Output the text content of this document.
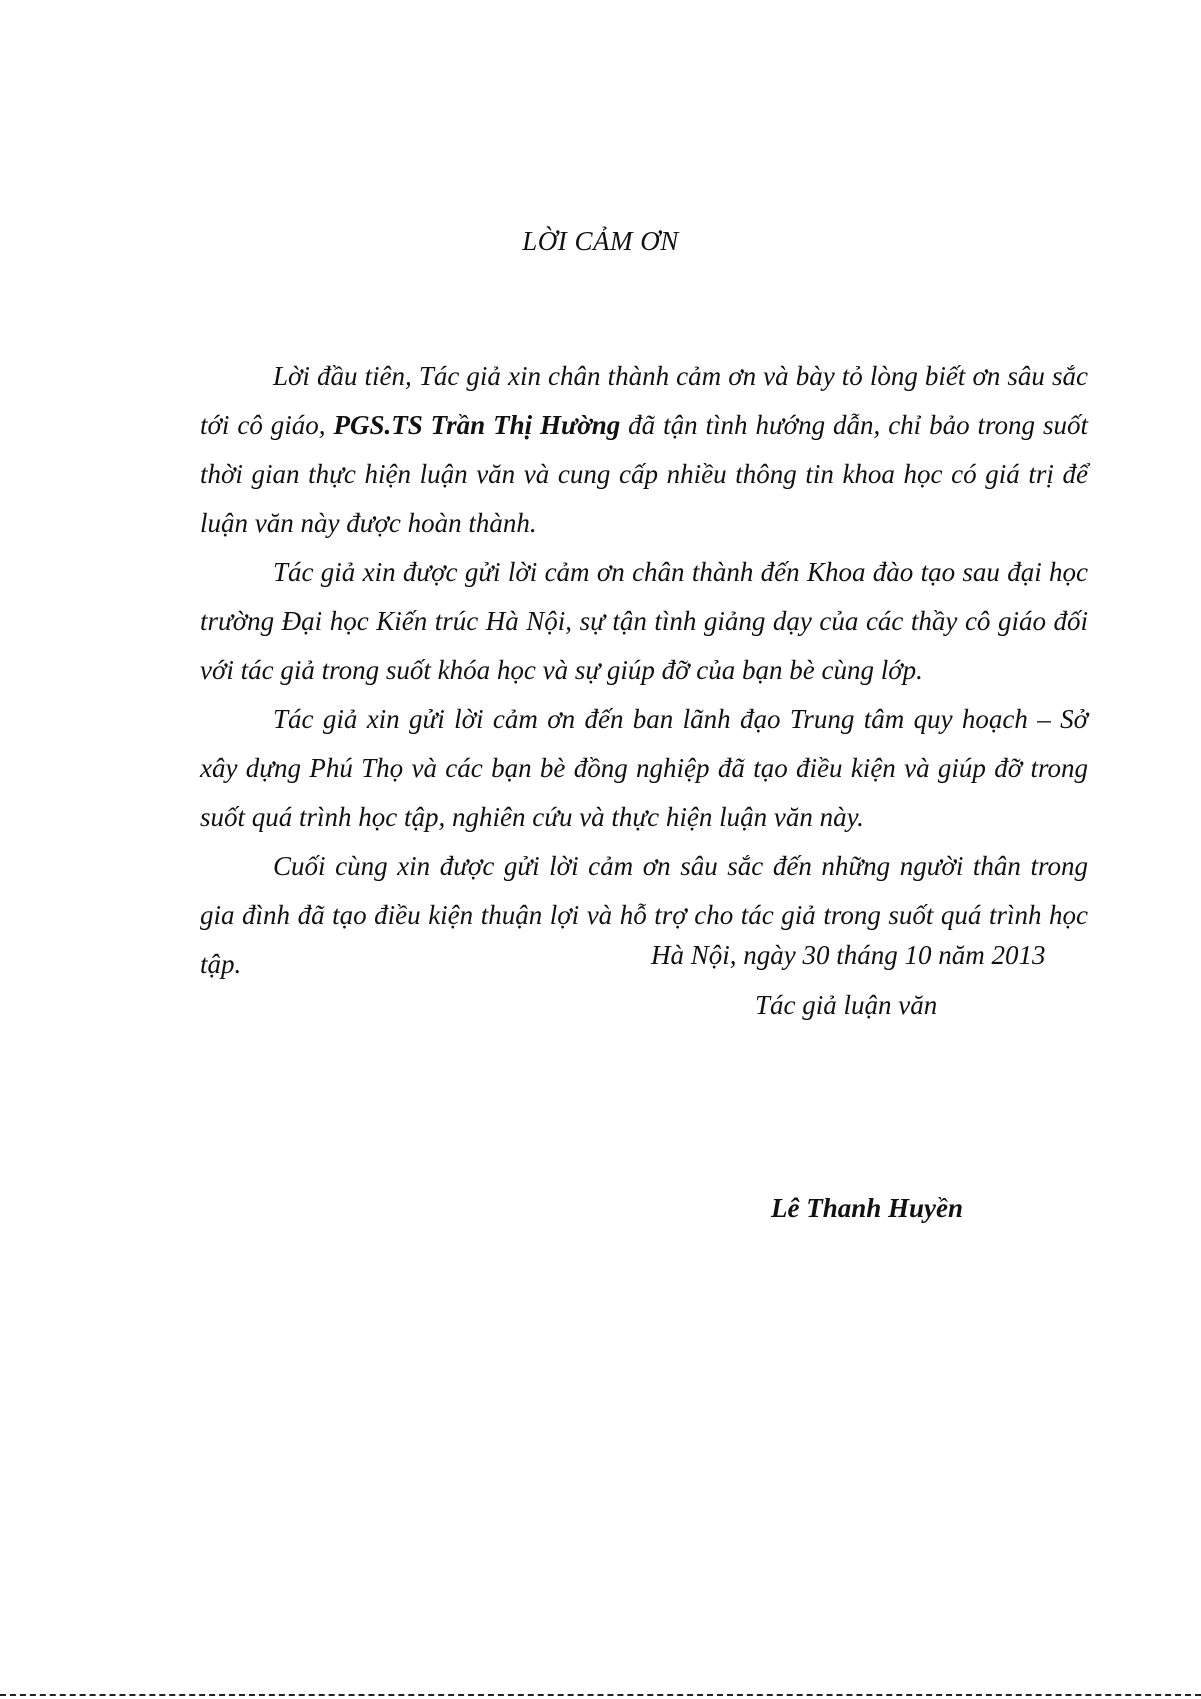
LỜI CẢM ƠN

Lời đầu tiên, Tác giả xin chân thành cảm ơn và bày tỏ lòng biết ơn sâu sắc tới cô giáo, PGS.TS Trần Thị Hường đã tận tình hướng dẫn, chỉ bảo trong suốt thời gian thực hiện luận văn và cung cấp nhiều thông tin khoa học có giá trị để luận văn này được hoàn thành.

Tác giả xin được gửi lời cảm ơn chân thành đến Khoa đào tạo sau đại học trường Đại học Kiến trúc Hà Nội, sự tận tình giảng dạy của các thầy cô giáo đối với tác giả trong suốt khóa học và sự giúp đỡ của bạn bè cùng lớp.

Tác giả xin gửi lời cảm ơn đến ban lãnh đạo Trung tâm quy hoạch – Sở xây dựng Phú Thọ và các bạn bè đồng nghiệp đã tạo điều kiện và giúp đỡ trong suốt quá trình học tập, nghiên cứu và thực hiện luận văn này.

Cuối cùng xin được gửi lời cảm ơn sâu sắc đến những người thân trong gia đình đã tạo điều kiện thuận lợi và hỗ trợ cho tác giả trong suốt quá trình học tập.	Hà Nội, ngày 30 tháng 10 năm 2013
Tác giả luận văn
Lê Thanh Huyền
